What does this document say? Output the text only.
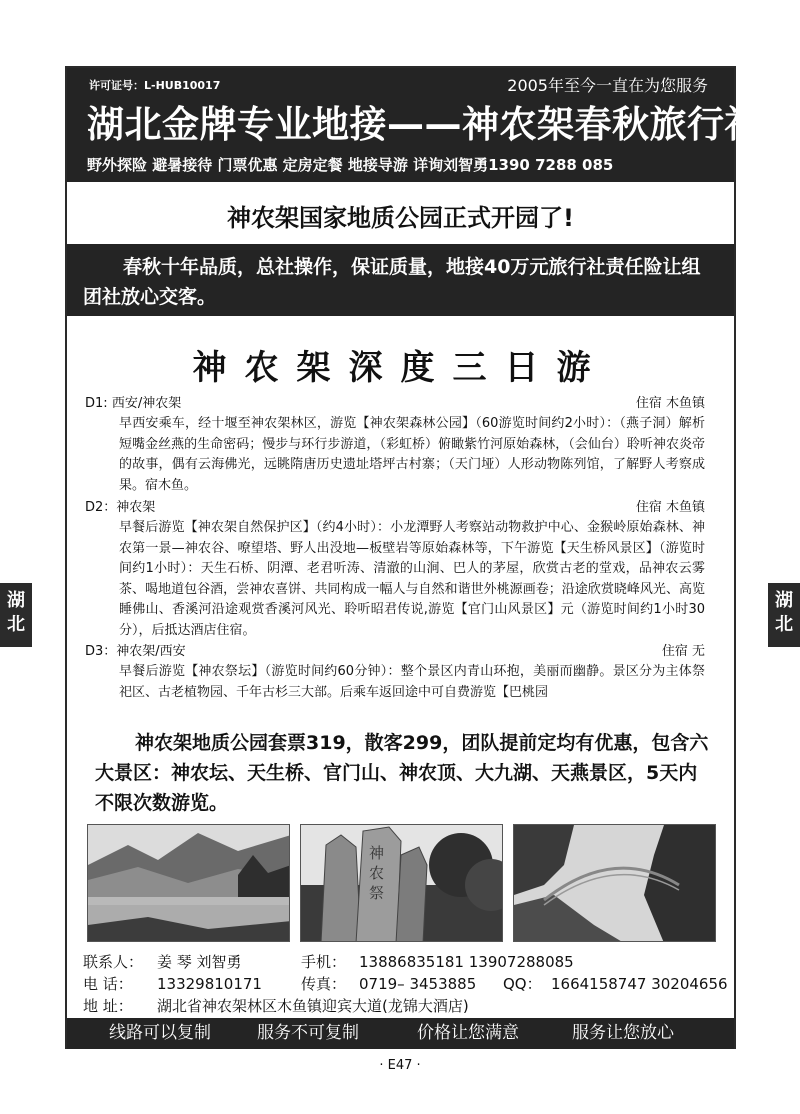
湖
北
湖
北
许可证号：L-HUB10017	2005年至今一直在为您服务
湖北金牌专业地接——神农架春秋旅行社
野外探险 避暑接待 门票优惠 定房定餐 地接导游 详询刘智勇1390 7288 085
神农架国家地质公园正式开园了!
春秋十年品质，总社操作，保证质量，地接40万元旅行社责任险让组团社放心交客。
神农架深度三日游
D1: 西安/神农架	住宿 木鱼镇
早西安乘车，经十堰至神农架林区，游览【神农架森林公园】（60游览时间约2小时）：（燕子洞）解析短嘴金丝燕的生命密码；慢步与环行步游道，（彩虹桥）俯瞰紫竹河原始森林，（会仙台）聆听神农炎帝的故事，偶有云海佛光，远眺隋唐历史遗址塔坪古村寨；（天门垭）人形动物陈列馆，了解野人考察成果。宿木鱼。
D2：神农架	住宿 木鱼镇
早餐后游览【神农架自然保护区】（约4小时）：小龙潭野人考察站动物救护中心、金猴岭原始森林、神农第一景—神农谷、嘹望塔、野人出没地—板壁岩等原始森林等，下午游览【天生桥风景区】（游览时间约1小时）：天生石桥、阴潭、老君听涛、清澈的山涧、巴人的茅屋，欣赏古老的堂戏，品神农云雾茶、喝地道包谷酒，尝神农喜饼、共同构成一幅人与自然和谐世外桃源画卷；沿途欣赏晓峰风光、高览睡佛山、香溪河沿途观赏香溪河风光、聆听昭君传说,游览【官门山风景区】元（游览时间约1小时30分），后抵达酒店住宿。
D3：神农架/西安	住宿 无
早餐后游览【神农祭坛】（游览时间约60分钟）：整个景区内青山环抱，美丽而幽静。景区分为主体祭祀区、古老植物园、千年古杉三大部。后乘车返回途中可自费游览【巴桃园
神农架地质公园套票319，散客299，团队提前定均有优惠，包含六大景区：神农坛、天生桥、官门山、神农顶、大九湖、天燕景区，5天内不限次数游览。
神农祭
联系人： 姜 琴 刘智勇	手机： 13886835181 13907288085
电 话： 13329810171	传真： 0719– 3453885 QQ： 1664158747 30204656
地 址： 湖北省神农架林区木鱼镇迎宾大道(龙锦大酒店)
线路可以复制	服务不可复制	价格让您满意	服务让您放心
· E47 ·
